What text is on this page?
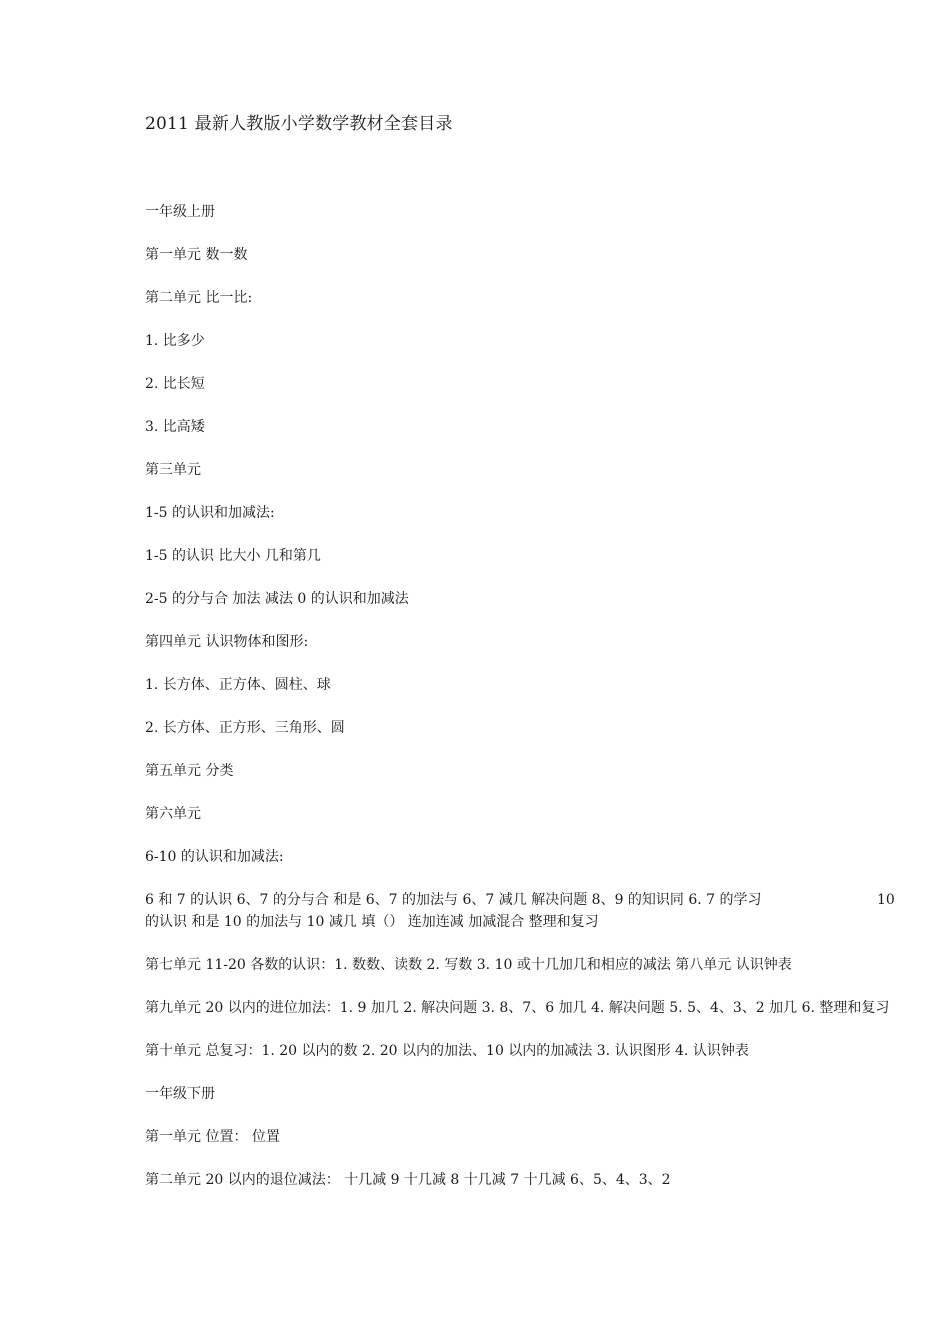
2011 最新人教版小学数学教材全套目录
一年级上册
第一单元 数一数
第二单元 比一比:
1. 比多少
2. 比长短
3. 比高矮
第三单元
1-5 的认识和加减法:
1-5 的认识 比大小 几和第几
2-5 的分与合 加法 减法 0 的认识和加减法
第四单元 认识物体和图形:
1. 长方体、正方体、圆柱、球
2. 长方体、正方形、三角形、圆
第五单元 分类
第六单元
6-10 的认识和加减法:
6 和 7 的认识 6、7 的分与合 和是 6、7 的加法与 6、7 减几 解决问题 8、9 的知识同 6. 7 的学习	10
的认识 和是 10 的加法与 10 减几 填（） 连加连减 加减混合 整理和复习
第七单元 11-20 各数的认识：1. 数数、读数 2. 写数 3. 10 或十几加几和相应的减法 第八单元 认识钟表
第九单元 20 以内的进位加法：1. 9 加几 2. 解决问题 3. 8、7、6 加几 4. 解决问题 5. 5、4、3、2 加几 6. 整理和复习
第十单元 总复习：1. 20 以内的数 2. 20 以内的加法、10 以内的加减法 3. 认识图形 4. 认识钟表
一年级下册
第一单元 位置： 位置
第二单元 20 以内的退位减法： 十几减 9 十几减 8 十几减 7 十几减 6、5、4、3、2
